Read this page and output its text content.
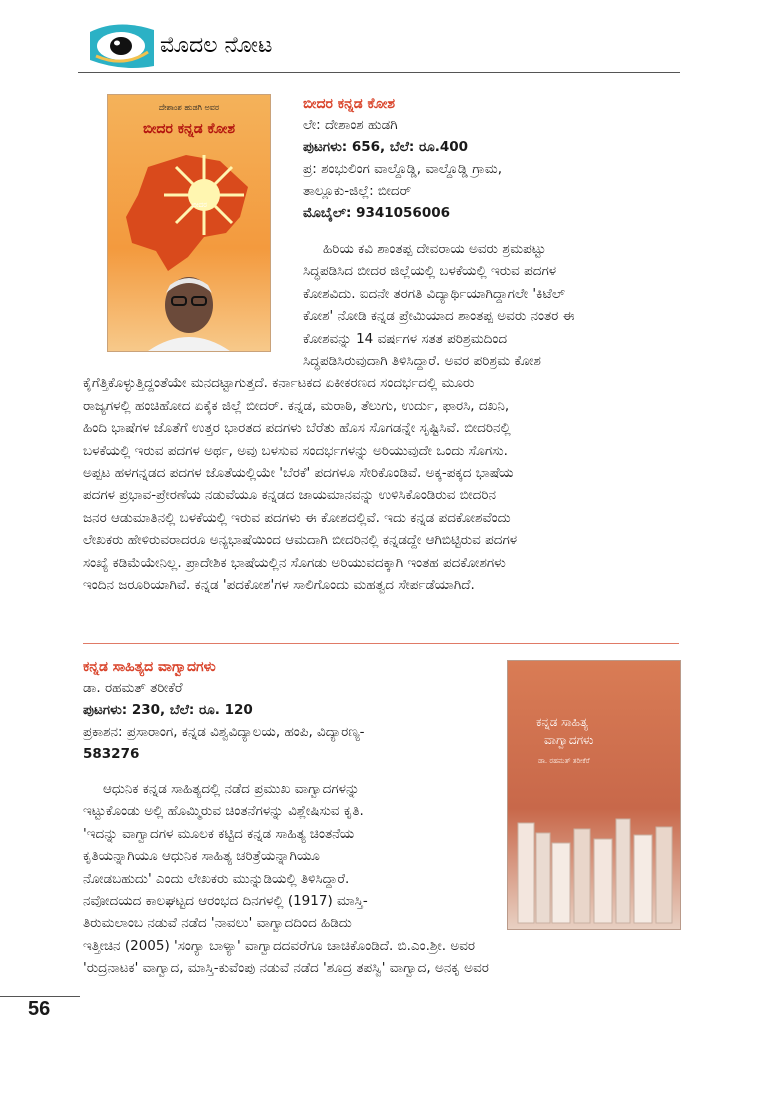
ಮೊದಲ ನೋಟ
ದೇಶಾಂಶ ಹುಡಗಿ ಅವರ
ಬೀದರ ಕನ್ನಡ ಕೋಶ
ಬೀದರ
ಬೀದರ ಕನ್ನಡ ಕೋಶ
ಲೇ: ದೇಶಾಂಶ ಹುಡಗಿ
ಪುಟಗಳು: 656, ಬೆಲೆ: ರೂ.400
ಪ್ರ: ಶಂಭುಲಿಂಗ ವಾಲ್ದೊಡ್ಡಿ, ವಾಲ್ದೊಡ್ಡಿ ಗ್ರಾಮ,
ತಾಲ್ಲೂಕು-ಜಿಲ್ಲೆ: ಬೀದರ್
ಮೊಬೈಲ್: 9341056006
ಹಿರಿಯ ಕವಿ ಶಾಂತಪ್ಪ ದೇವರಾಯ ಅವರು ಶ್ರಮಪಟ್ಟು
ಸಿದ್ಧಪಡಿಸಿದ ಬೀದರ ಜಿಲ್ಲೆಯಲ್ಲಿ ಬಳಕೆಯಲ್ಲಿ ಇರುವ ಪದಗಳ
ಕೋಶವಿದು. ಐದನೇ ತರಗತಿ ವಿದ್ಯಾರ್ಥಿಯಾಗಿದ್ದಾಗಲೇ 'ಕಿಟೆಲ್
ಕೋಶ' ನೋಡಿ ಕನ್ನಡ ಪ್ರೇಮಿಯಾದ ಶಾಂತಪ್ಪ ಅವರು ನಂತರ ಈ
ಕೋಶವನ್ನು 14 ವರ್ಷಗಳ ಸತತ ಪರಿಶ್ರಮದಿಂದ
ಸಿದ್ಧಪಡಿಸಿರುವುದಾಗಿ ತಿಳಿಸಿದ್ದಾರೆ. ಅವರ ಪರಿಶ್ರಮ ಕೋಶ
ಕೈಗೆತ್ತಿಕೊಳ್ಳುತ್ತಿದ್ದಂತೆಯೇ ಮನದಟ್ಟಾಗುತ್ತದೆ. ಕರ್ನಾಟಕದ ಏಕೀಕರಣದ ಸಂದರ್ಭದಲ್ಲಿ ಮೂರು
ರಾಜ್ಯಗಳಲ್ಲಿ ಹಂಚಿಹೋದ ಏಕೈಕ ಜಿಲ್ಲೆ ಬೀದರ್. ಕನ್ನಡ, ಮರಾಠಿ, ತೆಲುಗು, ಉರ್ದು, ಫಾರಸಿ, ದಖನಿ,
ಹಿಂದಿ ಭಾಷೆಗಳ ಜೊತೆಗೆ ಉತ್ತರ ಭಾರತದ ಪದಗಳು ಬೆರೆತು ಹೊಸ ಸೊಗಡನ್ನೇ ಸೃಷ್ಟಿಸಿವೆ. ಬೀದರಿನಲ್ಲಿ
ಬಳಕೆಯಲ್ಲಿ ಇರುವ ಪದಗಳ ಅರ್ಥ, ಅವು ಬಳಸುವ ಸಂದರ್ಭಗಳನ್ನು ಅರಿಯುವುದೇ ಒಂದು ಸೊಗಸು.
ಅಪ್ಪಟ ಹಳಗನ್ನಡದ ಪದಗಳ ಜೊತೆಯಲ್ಲಿಯೇ 'ಬೆರಕೆ' ಪದಗಳೂ ಸೇರಿಕೊಂಡಿವೆ. ಅಕ್ಕ-ಪಕ್ಕದ ಭಾಷೆಯ
ಪದಗಳ ಪ್ರಭಾವ-ಪ್ರೇರಣೆಯ ನಡುವೆಯೂ ಕನ್ನಡದ ಜಾಯಮಾನವನ್ನು ಉಳಿಸಿಕೊಂಡಿರುವ ಬೀದರಿನ
ಜನರ ಆಡುಮಾತಿನಲ್ಲಿ ಬಳಕೆಯಲ್ಲಿ ಇರುವ ಪದಗಳು ಈ ಕೋಶದಲ್ಲಿವೆ. ಇದು ಕನ್ನಡ ಪದಕೋಶವೆಂದು
ಲೇಖಕರು ಹೇಳಿರುವರಾದರೂ ಅನ್ಯಭಾಷೆಯಿಂದ ಆಮದಾಗಿ ಬೀದರಿನಲ್ಲಿ ಕನ್ನಡದ್ದೇ ಆಗಿಬಿಟ್ಟಿರುವ ಪದಗಳ
ಸಂಖ್ಯೆ ಕಡಿಮೆಯೇನಿಲ್ಲ. ಪ್ರಾದೇಶಿಕ ಭಾಷೆಯಲ್ಲಿನ ಸೊಗಡು ಅರಿಯುವದಕ್ಕಾಗಿ ಇಂತಹ ಪದಕೋಶಗಳು
ಇಂದಿನ ಜರೂರಿಯಾಗಿವೆ. ಕನ್ನಡ 'ಪದಕೋಶ'ಗಳ ಸಾಲಿಗೊಂದು ಮಹತ್ವದ ಸೇರ್ಪಡೆಯಾಗಿದೆ.
ಕನ್ನಡ ಸಾಹಿತ್ಯದ ವಾಗ್ವಾದಗಳು
ಡಾ. ರಹಮತ್ ತರೀಕೆರೆ
ಪುಟಗಳು: 230, ಬೆಲೆ: ರೂ. 120
ಪ್ರಕಾಶನ: ಪ್ರಸಾರಾಂಗ, ಕನ್ನಡ ವಿಶ್ವವಿದ್ಯಾಲಯ, ಹಂಪಿ, ವಿದ್ಯಾರಣ್ಯ-
583276
ಕನ್ನಡ ಸಾಹಿತ್ಯ
ವಾಗ್ವಾದಗಳು
ಡಾ. ರಹಮತ್ ತರೀಕೆರೆ
ಆಧುನಿಕ ಕನ್ನಡ ಸಾಹಿತ್ಯದಲ್ಲಿ ನಡೆದ ಪ್ರಮುಖ ವಾಗ್ವಾದಗಳನ್ನು
ಇಟ್ಟುಕೊಂಡು ಅಲ್ಲಿ ಹೊಮ್ಮಿರುವ ಚಿಂತನೆಗಳನ್ನು ವಿಶ್ಲೇಷಿಸುವ ಕೃತಿ.
'ಇದನ್ನು ವಾಗ್ವಾದಗಳ ಮೂಲಕ ಕಟ್ಟಿದ ಕನ್ನಡ ಸಾಹಿತ್ಯ ಚಿಂತನೆಯ
ಕೃತಿಯನ್ನಾಗಿಯೂ ಆಧುನಿಕ ಸಾಹಿತ್ಯ ಚರಿತ್ರೆಯನ್ನಾಗಿಯೂ
ನೋಡಬಹುದು' ಎಂದು ಲೇಖಕರು ಮುನ್ನುಡಿಯಲ್ಲಿ ತಿಳಿಸಿದ್ದಾರೆ.
ನವೋದಯದ ಕಾಲಘಟ್ಟದ ಆರಂಭದ ದಿನಗಳಲ್ಲಿ (1917) ಮಾಸ್ತಿ-
ತಿರುಮಲಾಂಬ ನಡುವೆ ನಡೆದ 'ನಾವಲು' ವಾಗ್ವಾದದಿಂದ ಹಿಡಿದು
ಇತ್ತೀಚಿನ (2005) 'ಸಂಗ್ಯಾ ಬಾಳ್ಯಾ' ವಾಗ್ವಾದದವರೆಗೂ ಚಾಚಿಕೊಂಡಿದೆ. ಬಿ.ಎಂ.ಶ್ರೀ. ಅವರ
'ರುದ್ರನಾಟಕ' ವಾಗ್ವಾದ, ಮಾಸ್ತಿ-ಕುವೆಂಪು ನಡುವೆ ನಡೆದ 'ಶೂದ್ರ ತಪಸ್ವಿ' ವಾಗ್ವಾದ, ಅನಕೃ ಅವರ
56
